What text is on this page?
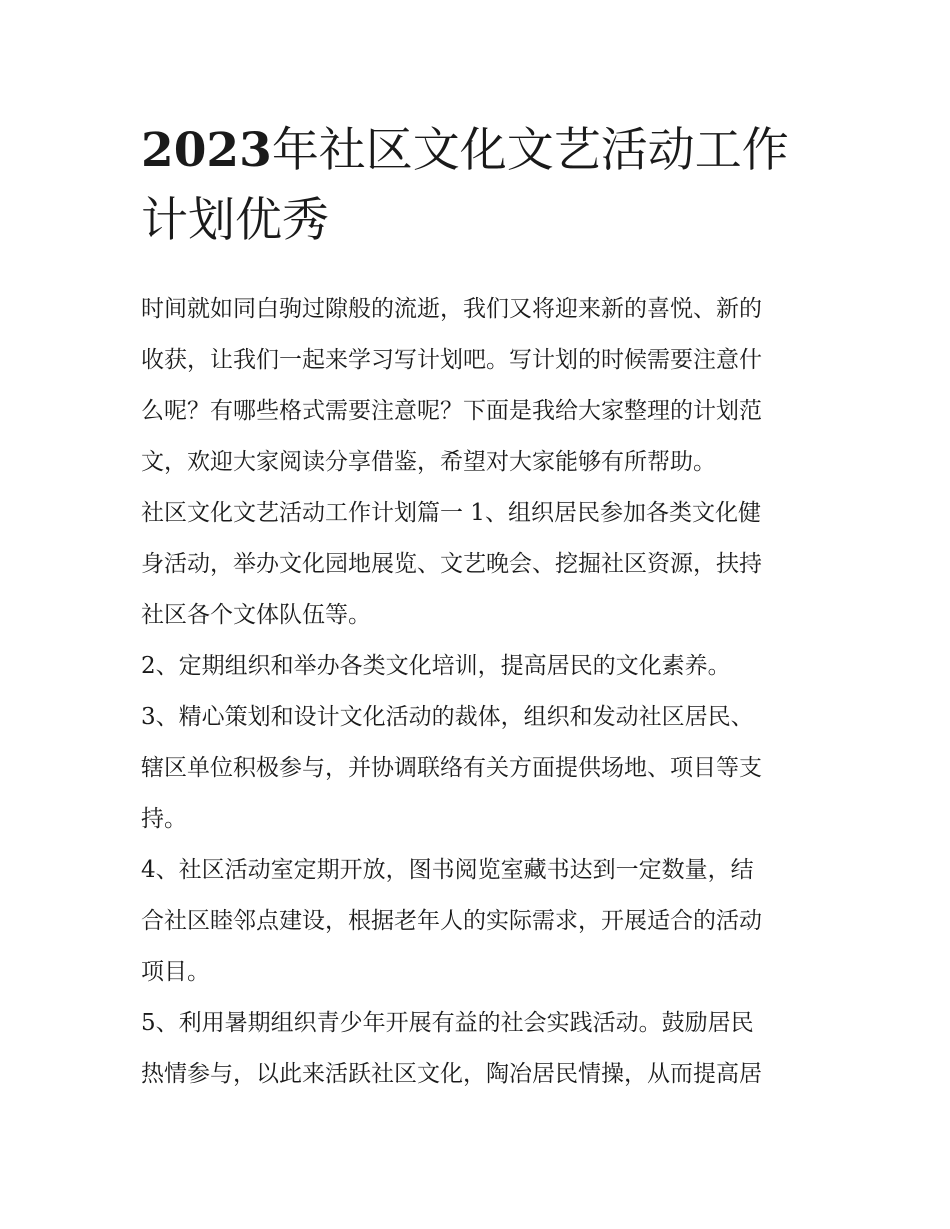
2023年社区文化文艺活动工作
计划优秀
时间就如同白驹过隙般的流逝，我们又将迎来新的喜悦、新的
收获，让我们一起来学习写计划吧。写计划的时候需要注意什
么呢？有哪些格式需要注意呢？下面是我给大家整理的计划范
文，欢迎大家阅读分享借鉴，希望对大家能够有所帮助。
社区文化文艺活动工作计划篇一 1、组织居民参加各类文化健
身活动，举办文化园地展览、文艺晚会、挖掘社区资源，扶持
社区各个文体队伍等。
2、定期组织和举办各类文化培训，提高居民的文化素养。
3、精心策划和设计文化活动的裁体，组织和发动社区居民、
辖区单位积极参与，并协调联络有关方面提供场地、项目等支
持。
4、社区活动室定期开放，图书阅览室藏书达到一定数量，结
合社区睦邻点建设，根据老年人的实际需求，开展适合的活动
项目。
5、利用暑期组织青少年开展有益的社会实践活动。鼓励居民
热情参与，以此来活跃社区文化，陶冶居民情操，从而提高居
